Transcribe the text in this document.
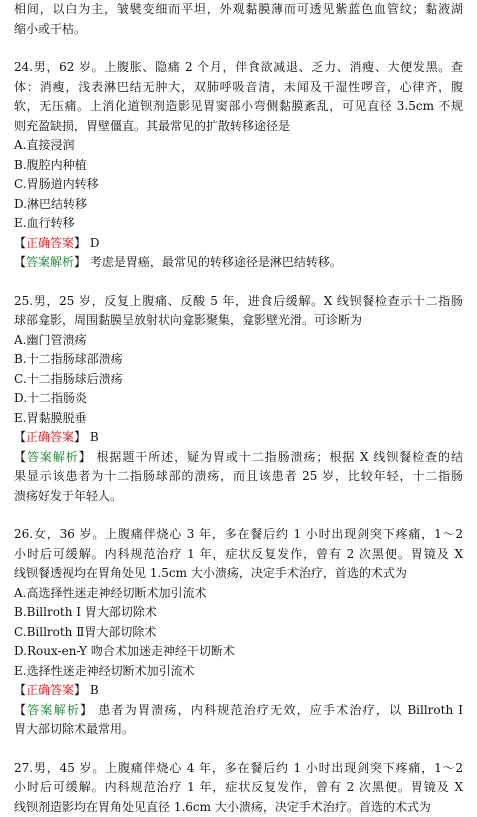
相间，以白为主，皱襞变细而平坦，外观黏膜薄而可透见紫蓝色血管纹；黏液湖
缩小或干枯。
24.男，62 岁。上腹胀、隐痛 2 个月，伴食欲减退、乏力、消瘦、大便发黑。查
体：消瘦，浅表淋巴结无肿大，双肺呼吸音清，未闻及干湿性啰音，心律齐，腹
软，无压痛。上消化道钡剂造影见胃窦部小弯侧黏膜紊乱，可见直径 3.5cm 不规
则充盈缺损，胃壁僵直。其最常见的扩散转移途径是
A.直接浸润
B.腹腔内种植
C.胃肠道内转移
D.淋巴结转移
E.血行转移
【正确答案】 D
【答案解析】 考虑是胃癌，最常见的转移途径是淋巴结转移。
25.男，25 岁，反复上腹痛、反酸 5 年，进食后缓解。X 线钡餐检查示十二指肠
球部龛影，周围黏膜呈放射状向龛影聚集，龛影壁光滑。可诊断为
A.幽门管溃疡
B.十二指肠球部溃疡
C.十二指肠球后溃疡
D.十二指肠炎
E.胃黏膜脱垂
【正确答案】 B
【答案解析】 根据题干所述，疑为胃或十二指肠溃疡；根据 X 线钡餐检查的结
果显示该患者为十二指肠球部的溃疡，而且该患者 25 岁，比较年轻，十二指肠
溃疡好发于年轻人。
26.女，36 岁。上腹痛伴烧心 3 年，多在餐后约 1 小时出现剑突下疼痛，1～2
小时后可缓解。内科规范治疗 1 年，症状反复发作，曾有 2 次黑便。胃镜及 X
线钡餐透视均在胃角处见 1.5cm 大小溃疡，决定手术治疗，首选的术式为
A.高选择性迷走神经切断术加引流术
B.Billroth Ⅰ 胃大部切除术
C.Billroth Ⅱ胃大部切除术
D.Roux-en-Y 吻合术加迷走神经干切断术
E.选择性迷走神经切断术加引流术
【正确答案】 B
【答案解析】 患者为胃溃疡，内科规范治疗无效，应手术治疗，以 Billroth Ⅰ
胃大部切除术最常用。
27.男，45 岁。上腹痛伴烧心 4 年，多在餐后约 1 小时出现剑突下疼痛，1～2
小时后可缓解。内科规范治疗 1 年，症状反复发作，曾有 2 次黑便。胃镜及 X
线钡剂造影均在胃角处见直径 1.6cm 大小溃疡，决定手术治疗。首选的术式为
